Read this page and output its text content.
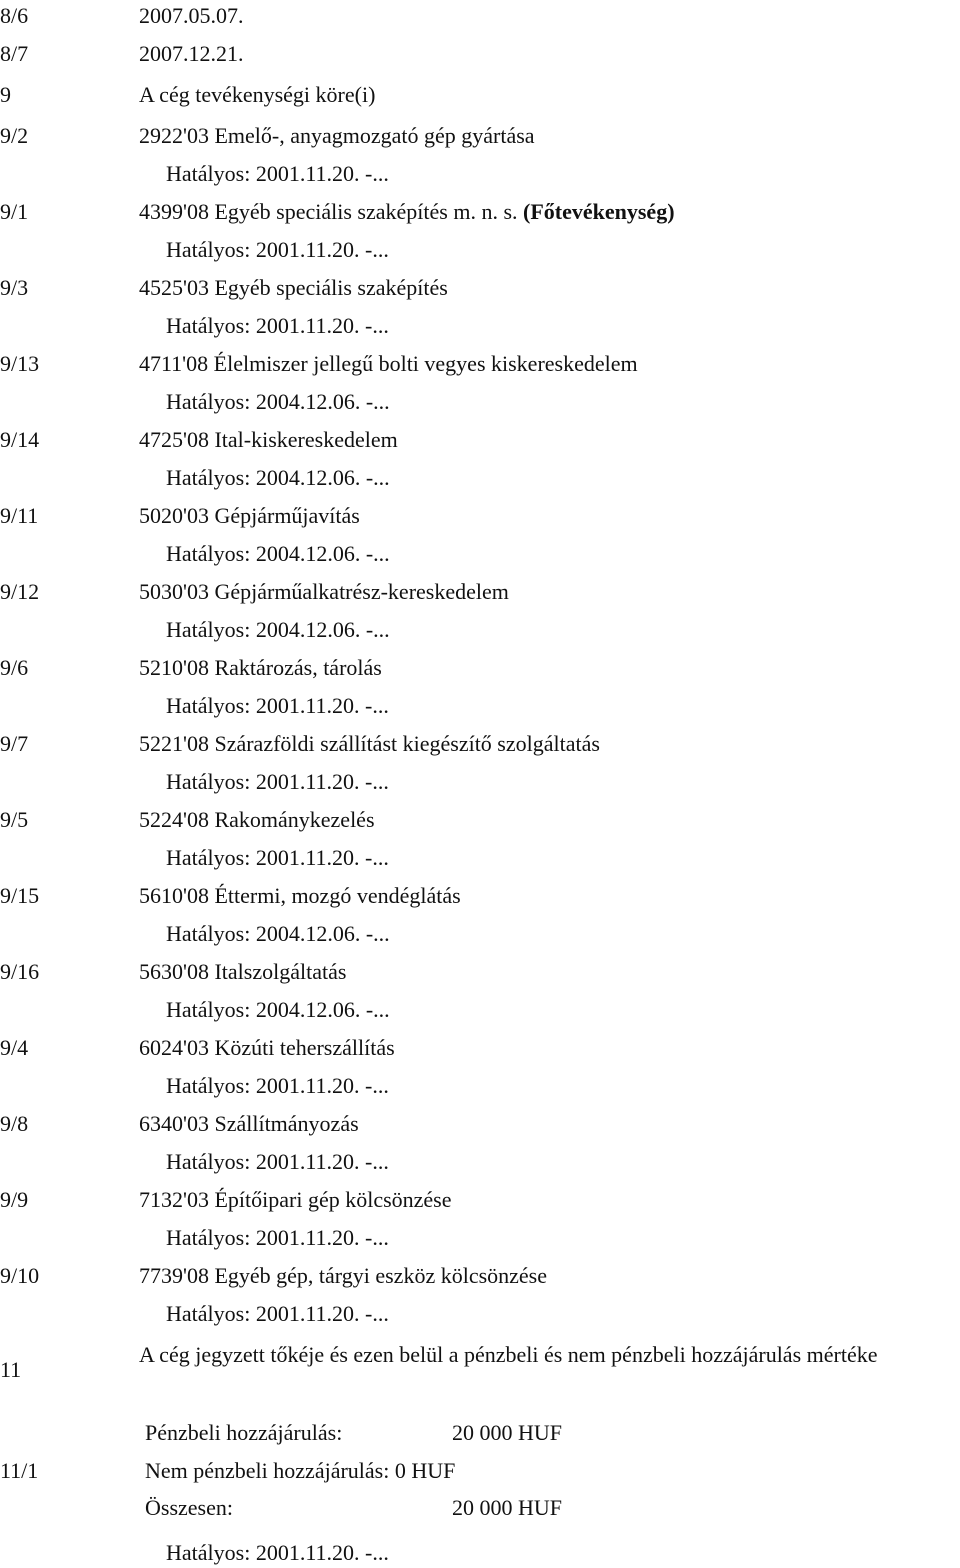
8/6	2007.05.07.
8/7	2007.12.21.
9	A cég tevékenységi köre(i)
9/2	2922'03 Emelő-, anyagmozgató gép gyártása
Hatályos: 2001.11.20. -...
9/1	4399'08 Egyéb speciális szaképítés m. n. s. (Főtevékenység)
Hatályos: 2001.11.20. -...
9/3	4525'03 Egyéb speciális szaképítés
Hatályos: 2001.11.20. -...
9/13	4711'08 Élelmiszer jellegű bolti vegyes kiskereskedelem
Hatályos: 2004.12.06. -...
9/14	4725'08 Ital-kiskereskedelem
Hatályos: 2004.12.06. -...
9/11	5020'03 Gépjárműjavítás
Hatályos: 2004.12.06. -...
9/12	5030'03 Gépjárműalkatrész-kereskedelem
Hatályos: 2004.12.06. -...
9/6	5210'08 Raktározás, tárolás
Hatályos: 2001.11.20. -...
9/7	5221'08 Szárazföldi szállítást kiegészítő szolgáltatás
Hatályos: 2001.11.20. -...
9/5	5224'08 Rakománykezelés
Hatályos: 2001.11.20. -...
9/15	5610'08 Éttermi, mozgó vendéglátás
Hatályos: 2004.12.06. -...
9/16	5630'08 Italszolgáltatás
Hatályos: 2004.12.06. -...
9/4	6024'03 Közúti teherszállítás
Hatályos: 2001.11.20. -...
9/8	6340'03 Szállítmányozás
Hatályos: 2001.11.20. -...
9/9	7132'03 Építőipari gép kölcsönzése
Hatályos: 2001.11.20. -...
9/10	7739'08 Egyéb gép, tárgyi eszköz kölcsönzése
Hatályos: 2001.11.20. -...
11
A cég jegyzett tőkéje és ezen belül a pénzbeli és nem pénzbeli hozzájárulás mértéke
Pénzbeli hozzájárulás:	20 000 HUF
11/1	Nem pénzbeli hozzájárulás: 0 HUF
Összesen:	20 000 HUF
Hatályos: 2001.11.20. -...
